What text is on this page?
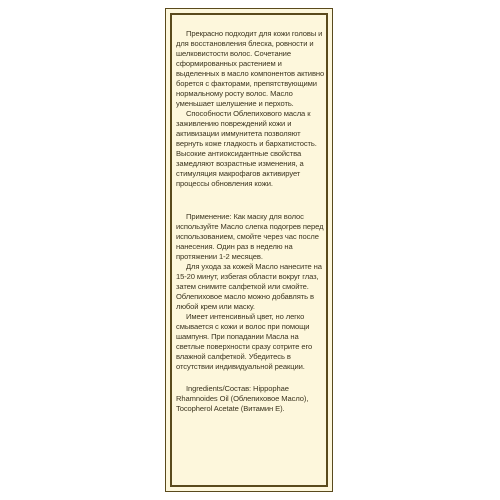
Прекрасно подходит для кожи головы и для восстановления блеска, ровности и шелковистости волос. Сочетание сформированных растением и выделенных в масло компонентов активно борется с факторами, препятствующими нормальному росту волос. Масло уменьшает шелушение и перхоть.

Способности Облепихового масла к заживлению повреждений кожи и активизации иммунитета позволяют вернуть коже гладкость и бархатистость. Высокие антиоксидантные свойства замедляют возрастные изменения, а стимуляция макрофагов активирует процессы обновления кожи.

Применение: Как маску для волос используйте Масло слегка подогрев перед использованием, смойте через час после нанесения. Один раз в неделю на протяжении 1-2 месяцев.

Для ухода за кожей Масло нанесите на 15-20 минут, избегая области вокруг глаз, затем снимите салфеткой или смойте. Облепиховое масло можно добавлять в любой крем или маску.

Имеет интенсивный цвет, но легко смывается с кожи и волос при помощи шампуня. При попадании Масла на светлые поверхности сразу сотрите его влажной салфеткой. Убедитесь в отсутствии индивидуальной реакции.

Ingredients/Состав: Hippophae Rhamnoides Oil (Облепиховое Масло), Tocopherol Acetate (Витамин Е).
